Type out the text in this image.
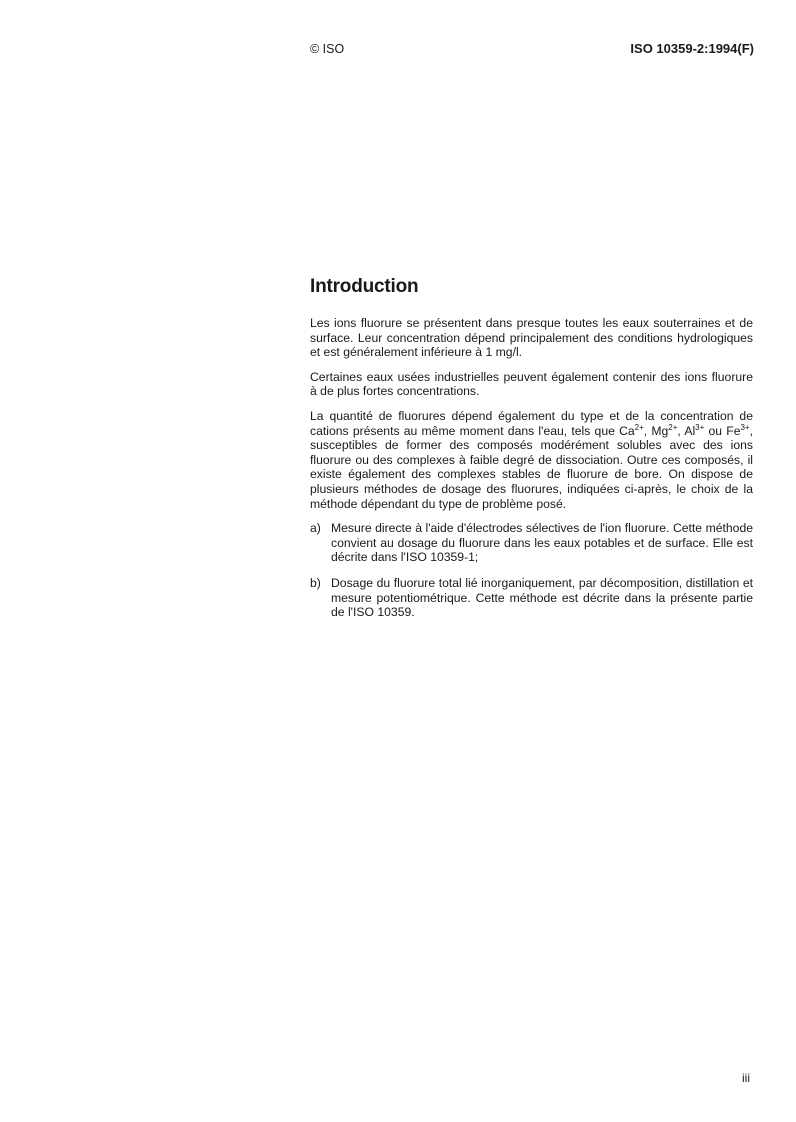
© ISO	ISO 10359-2:1994(F)
Introduction

Les ions fluorure se présentent dans presque toutes les eaux souterraines et de surface. Leur concentration dépend principalement des conditions hydrologiques et est généralement inférieure à 1 mg/l.

Certaines eaux usées industrielles peuvent également contenir des ions fluorure à de plus fortes concentrations.

La quantité de fluorures dépend également du type et de la concentration de cations présents au même moment dans l'eau, tels que $Ca^{2+}$, $Mg^{2+}$, $Al^{3+}$ ou $Fe^{3+}$, susceptibles de former des composés modérément solubles avec des ions fluorure ou des complexes à faible degré de dissociation. Outre ces composés, il existe également des complexes stables de fluorure de bore. On dispose de plusieurs méthodes de dosage des fluorures, indiquées ci-après, le choix de la méthode dépendant du type de problème posé.

a) Mesure directe à l'aide d'électrodes sélectives de l'ion fluorure. Cette méthode convient au dosage du fluorure dans les eaux potables et de surface. Elle est décrite dans l'ISO 10359-1;
b) Dosage du fluorure total lié inorganiquement, par décomposition, distillation et mesure potentiométrique. Cette méthode est décrite dans la présente partie de l'ISO 10359.
iii
